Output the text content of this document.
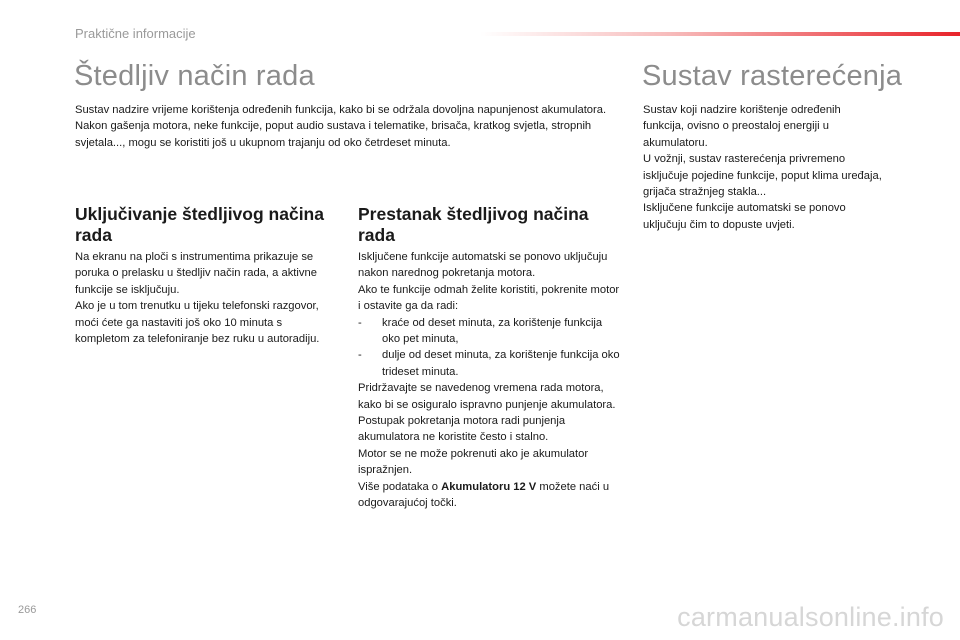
Praktične informacije
Štedljiv način rada

Sustav nadzire vrijeme korištenja određenih funkcija, kako bi se održala dovoljna napunjenost akumulatora.

Nakon gašenja motora, neke funkcije, poput audio sustava i telematike, brisača, kratkog svjetla, stropnih svjetala..., mogu se koristiti još u ukupnom trajanju od oko četrdeset minuta.

Uključivanje štedljivog načina rada

Na ekranu na ploči s instrumentima prikazuje se poruka o prelasku u štedljiv način rada, a aktivne funkcije se isključuju.

Ako je u tom trenutku u tijeku telefonski razgovor, moći ćete ga nastaviti još oko 10 minuta s kompletom za telefoniranje bez ruku u autoradiju.

Prestanak štedljivog načina rada

Isključene funkcije automatski se ponovo uključuju nakon narednog pokretanja motora.

Ako te funkcije odmah želite koristiti, pokrenite motor i ostavite ga da radi:

-	kraće od deset minuta, za korištenje funkcija oko pet minuta,
-	dulje od deset minuta, za korištenje funkcija oko trideset minuta.

Pridržavajte se navedenog vremena rada motora, kako bi se osiguralo ispravno punjenje akumulatora.

Postupak pokretanja motora radi punjenja akumulatora ne koristite često i stalno.

Motor se ne može pokrenuti ako je akumulator ispražnjen.

Više podataka o Akumulatoru 12 V možete naći u odgovarajućoj točki.

Sustav rasterećenja

Sustav koji nadzire korištenje određenih funkcija, ovisno o preostaloj energiji u akumulatoru.

U vožnji, sustav rasterećenja privremeno isključuje pojedine funkcije, poput klima uređaja, grijača stražnjeg stakla...

Isključene funkcije automatski se ponovo uključuju čim to dopuste uvjeti.

266	carmanualsonline.info
